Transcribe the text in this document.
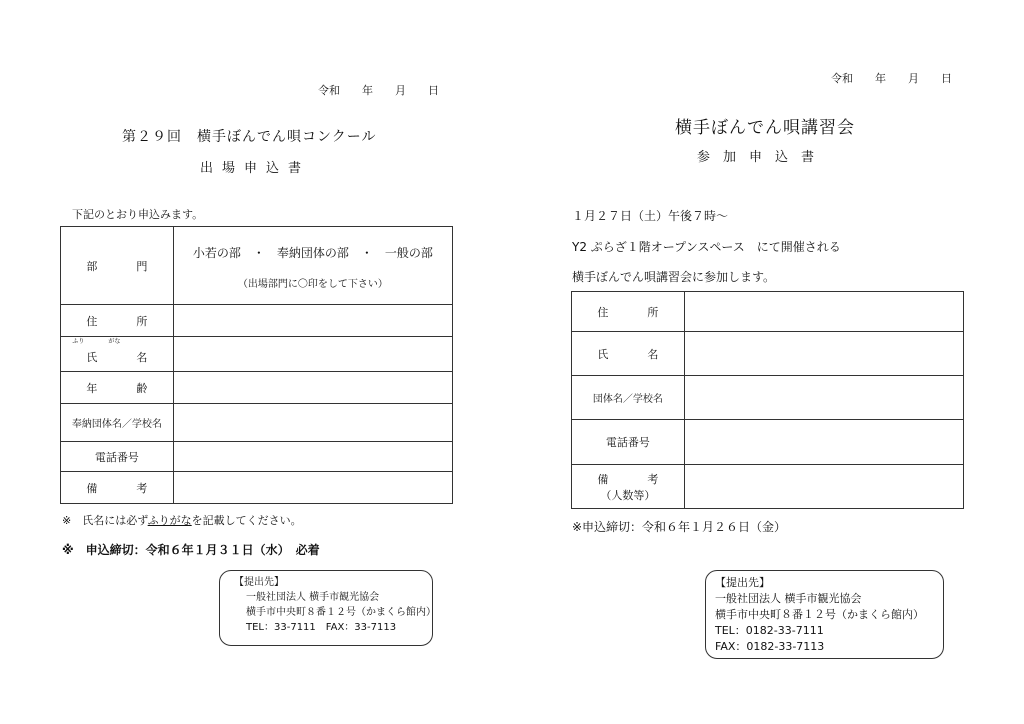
令和　　年　　月　　日
第２９回　横手ぼんでん唄コンクール
出場申込書
下記のとおり申込みます。
部　門	小若の部　・　奉納団体の部　・　一般の部
（出場部門に〇印をして下さい）

住　所	

ふり がな
氏　名	
年　齢	
奉納団体名／学校名	
電話番号	
備　考	
※　氏名には必ずふりがなを記載してください。
※　申込締切：令和６年１月３１日（水）　必着
【提出先】
一般社団法人 横手市観光協会
横手市中央町８番１２号（かまくら館内）
TEL：33-7111　FAX：33-7113
令和　　年　　月　　日
横手ぼんでん唄講習会
参加申込書
１月２７日（土）午後７時～
Y2 ぷらざ１階オープンスペース　にて開催される
横手ぼんでん唄講習会に参加します。
住　所	
氏　名	
団体名／学校名	
電話番号	

備　考
（人数等）	

※申込締切：令和６年１月２６日（金）
【提出先】
一般社団法人 横手市観光協会
横手市中央町８番１２号（かまくら館内）
TEL：0182-33-7111
FAX：0182-33-7113
